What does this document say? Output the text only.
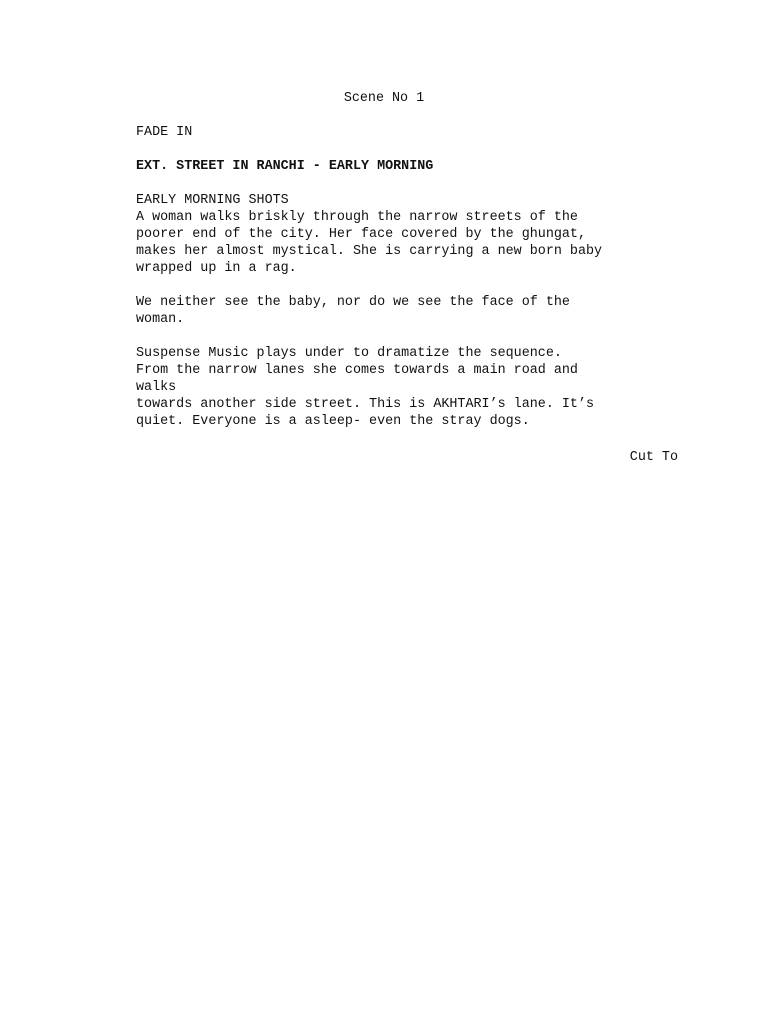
Scene No 1
FADE IN
EXT. STREET IN RANCHI - EARLY MORNING
EARLY MORNING SHOTS
A woman walks briskly through the narrow streets of the
poorer end of the city. Her face covered by the ghungat,
makes her almost mystical. She is carrying a new born baby
wrapped up in a rag.
We neither see the baby, nor do we see the face of the
woman.
Suspense Music plays under to dramatize the sequence.
From the narrow lanes she comes towards a main road and
walks
towards another side street. This is AKHTARI’s lane. It’s
quiet. Everyone is a asleep- even the stray dogs.
Cut To
